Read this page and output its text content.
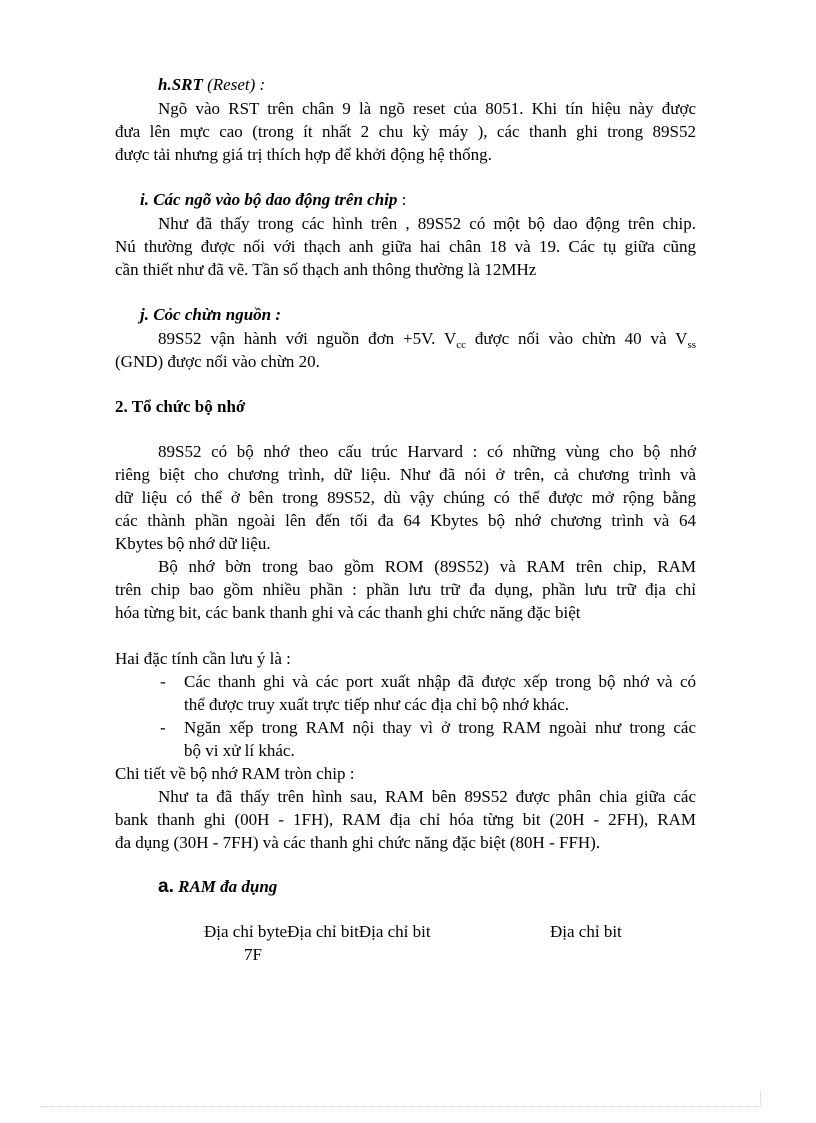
h.SRT (Reset) :
Ngõ vào RST trên chân 9 là ngõ reset của 8051. Khi tín hiệu này được
đưa lên mực cao (trong ít nhất 2 chu kỳ máy ), các thanh ghi trong 89S52
được tải nhưng giá trị thích hợp để khởi động hệ thống.
i. Các ngõ vào bộ dao động trên chip :
Như đã thấy trong các hình trên , 89S52 có một bộ dao động trên chip.
Nú thường được nối với thạch anh giữa hai chân 18 và 19. Các tụ giữa cũng
cần thiết như đã vẽ. Tần số thạch anh thông thường là 12MHz
j. Cỏc chừn nguồn :
89S52 vận hành với nguồn đơn +5V. $V_{cc}$ được nối vào chừn 40 và $V_{ss}$
(GND) được nối vào chừn 20.
2. Tổ chức bộ nhớ
89S52 có bộ nhớ theo cấu trúc Harvard : có những vùng cho bộ nhớ
riêng biệt cho chương trình, dữ liệu. Như đã nói ở trên, cả chương trình và
dữ liệu có thể ở bên trong 89S52, dù vậy chúng có thể được mở rộng bằng
các thành phần ngoài lên đến tối đa 64 Kbytes bộ nhớ chương trình và 64
Kbytes bộ nhớ dữ liệu.
Bộ nhớ bờn trong bao gồm ROM (89S52) và RAM trên chip, RAM
trên chip bao gồm nhiều phần : phần lưu trữ đa dụng, phần lưu trữ địa chỉ
hóa từng bit, các bank thanh ghi và các thanh ghi chức năng đặc biệt
Hai đặc tính cần lưu ý là :
- Các thanh ghi và các port xuất nhập đã được xếp trong bộ nhớ và có
thể được truy xuất trực tiếp như các địa chỉ bộ nhớ khác.
- Ngăn xếp trong RAM nội thay vì ở trong RAM ngoài như trong các
bộ vi xử lí khác.
Chi tiết về bộ nhớ RAM tròn chip :
Như ta đã thấy trên hình sau, RAM bên 89S52 được phân chia giữa các
bank thanh ghi (00H - 1FH), RAM địa chỉ hóa từng bit (20H - 2FH), RAM
đa dụng (30H - 7FH) và các thanh ghi chức năng đặc biệt (80H - FFH).
a. RAM đa dụng
Địa chỉ byteĐịa chỉ bitĐịa chỉ bit	Địa chỉ bit
7F
